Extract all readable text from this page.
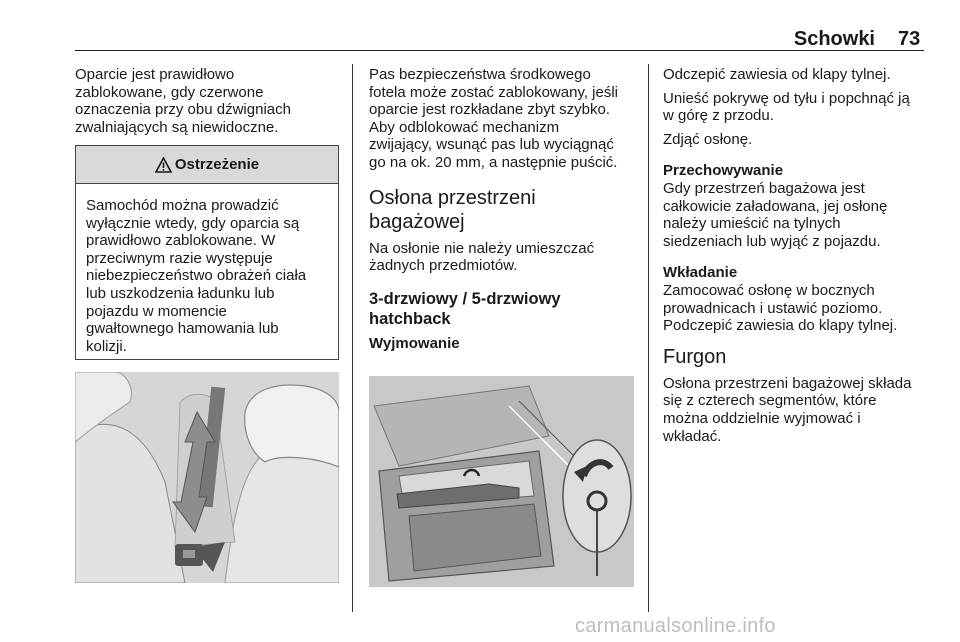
Schowki 73

Oparcie jest prawidłowo
zablokowane, gdy czerwone
oznaczenia przy obu dźwigniach
zwalniających są niewidoczne.

Ostrzeżenie
Samochód można prowadzić
wyłącznie wtedy, gdy oparcia są
prawidłowo zablokowane. W
przeciwnym razie występuje
niebezpieczeństwo obrażeń ciała
lub uszkodzenia ładunku lub
pojazdu w momencie
gwałtownego hamowania lub
kolizji.

Pas bezpieczeństwa środkowego
fotela może zostać zablokowany, jeśli
oparcie jest rozkładane zbyt szybko.
Aby odblokować mechanizm
zwijający, wsunąć pas lub wyciągnąć
go na ok. 20 mm, a następnie puścić.

Osłona przestrzeni
bagażowej

Na osłonie nie należy umieszczać
żadnych przedmiotów.

3-drzwiowy / 5-drzwiowy
hatchback

Wyjmowanie

Odczepić zawiesia od klapy tylnej.

Unieść pokrywę od tyłu i popchnąć ją
w górę z przodu.

Zdjąć osłonę.

Przechowywanie

Gdy przestrzeń bagażowa jest
całkowicie załadowana, jej osłonę
należy umieścić na tylnych
siedzeniach lub wyjąć z pojazdu.

Wkładanie

Zamocować osłonę w bocznych
prowadnicach i ustawić poziomo.
Podczepić zawiesia do klapy tylnej.

Furgon

Osłona przestrzeni bagażowej składa
się z czterech segmentów, które
można oddzielnie wyjmować i
wkładać.

carmanualsonline.info
